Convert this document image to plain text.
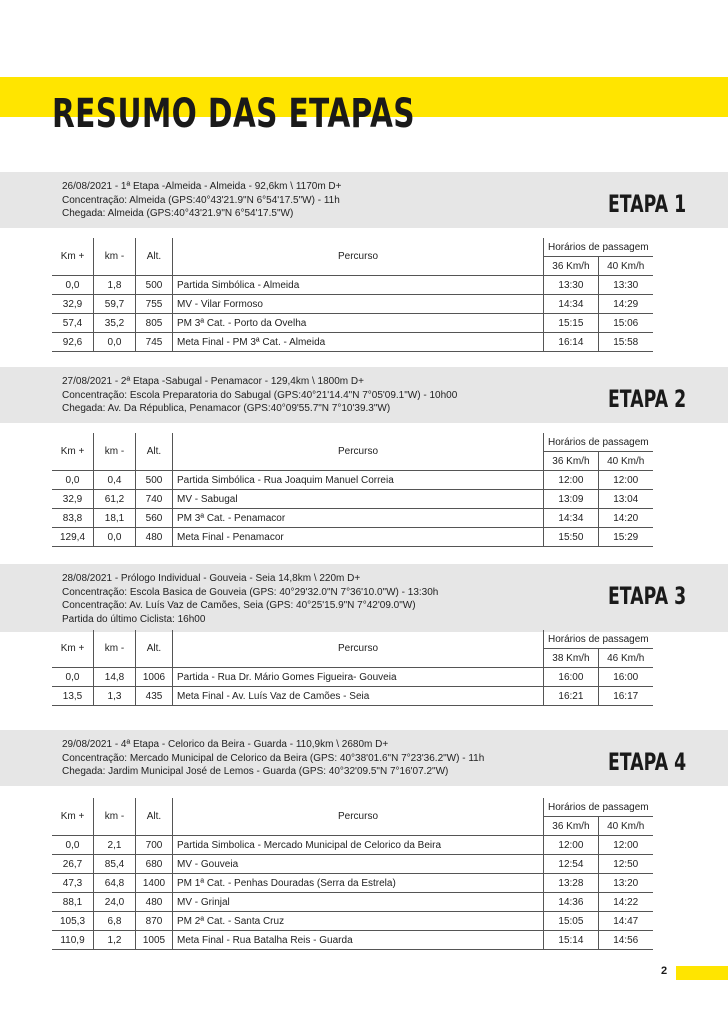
RESUMO DAS ETAPAS
26/08/2021 - 1ª Etapa -Almeida - Almeida - 92,6km \ 1170m D+
Concentração: Almeida (GPS:40°43'21.9"N 6°54'17.5"W) - 11h
Chegada: Almeida (GPS:40°43'21.9"N 6°54'17.5"W)	ETAPA 1
Km +	km -	Alt.	Percurso	Horários de passagem	
				36 Km/h	40 Km/h
0,0	1,8	500	Partida Simbólica - Almeida	13:30	13:30
32,9	59,7	755	MV - Vilar Formoso	14:34	14:29
57,4	35,2	805	PM 3ª Cat. - Porto da Ovelha	15:15	15:06
92,6	0,0	745	Meta Final - PM 3ª Cat. - Almeida	16:14	15:58
27/08/2021 - 2ª Etapa -Sabugal - Penamacor - 129,4km \ 1800m D+
Concentração: Escola Preparatoria do Sabugal (GPS:40°21'14.4"N 7°05'09.1"W) - 10h00
Chegada: Av. Da Républica, Penamacor (GPS:40°09'55.7"N 7°10'39.3"W)	ETAPA 2
Km +	km -	Alt.	Percurso	Horários de passagem	
				36 Km/h	40 Km/h
0,0	0,4	500	Partida Simbólica - Rua Joaquim Manuel Correia	12:00	12:00
32,9	61,2	740	MV - Sabugal	13:09	13:04
83,8	18,1	560	PM 3ª Cat. - Penamacor	14:34	14:20
129,4	0,0	480	Meta Final - Penamacor	15:50	15:29
28/08/2021 - Prólogo Individual - Gouveia - Seia 14,8km \ 220m D+
Concentração: Escola Basica de Gouveia (GPS: 40°29'32.0"N 7°36'10.0"W) - 13:30h
Concentração: Av. Luís Vaz de Camões, Seia (GPS: 40°25'15.9"N 7°42'09.0"W)
Partida do último Ciclista: 16h00
ETAPA 3
Km +	km -	Alt.	Percurso	Horários de passagem	
				38 Km/h	46 Km/h
0,0	14,8	1006	Partida - Rua Dr. Mário Gomes Figueira- Gouveia	16:00	16:00
13,5	1,3	435	Meta Final - Av. Luís Vaz de Camões - Seia	16:21	16:17
29/08/2021 - 4ª Etapa - Celorico da Beira - Guarda - 110,9km \ 2680m D+
Concentração: Mercado Municipal de Celorico da Beira (GPS: 40°38'01.6"N 7°23'36.2"W) - 11h
Chegada: Jardim Municipal José de Lemos - Guarda (GPS: 40°32'09.5"N 7°16'07.2"W)	ETAPA 4
Km +	km -	Alt.	Percurso	Horários de passagem	
				36 Km/h	40 Km/h
0,0	2,1	700	Partida Simbolica - Mercado Municipal de Celorico da Beira	12:00	12:00
26,7	85,4	680	MV - Gouveia	12:54	12:50
47,3	64,8	1400	PM 1ª Cat. - Penhas Douradas (Serra da Estrela)	13:28	13:20
88,1	24,0	480	MV - Grinjal	14:36	14:22
105,3	6,8	870	PM 2ª Cat. - Santa Cruz	15:05	14:47
110,9	1,2	1005	Meta Final - Rua Batalha Reis - Guarda	15:14	14:56
2
